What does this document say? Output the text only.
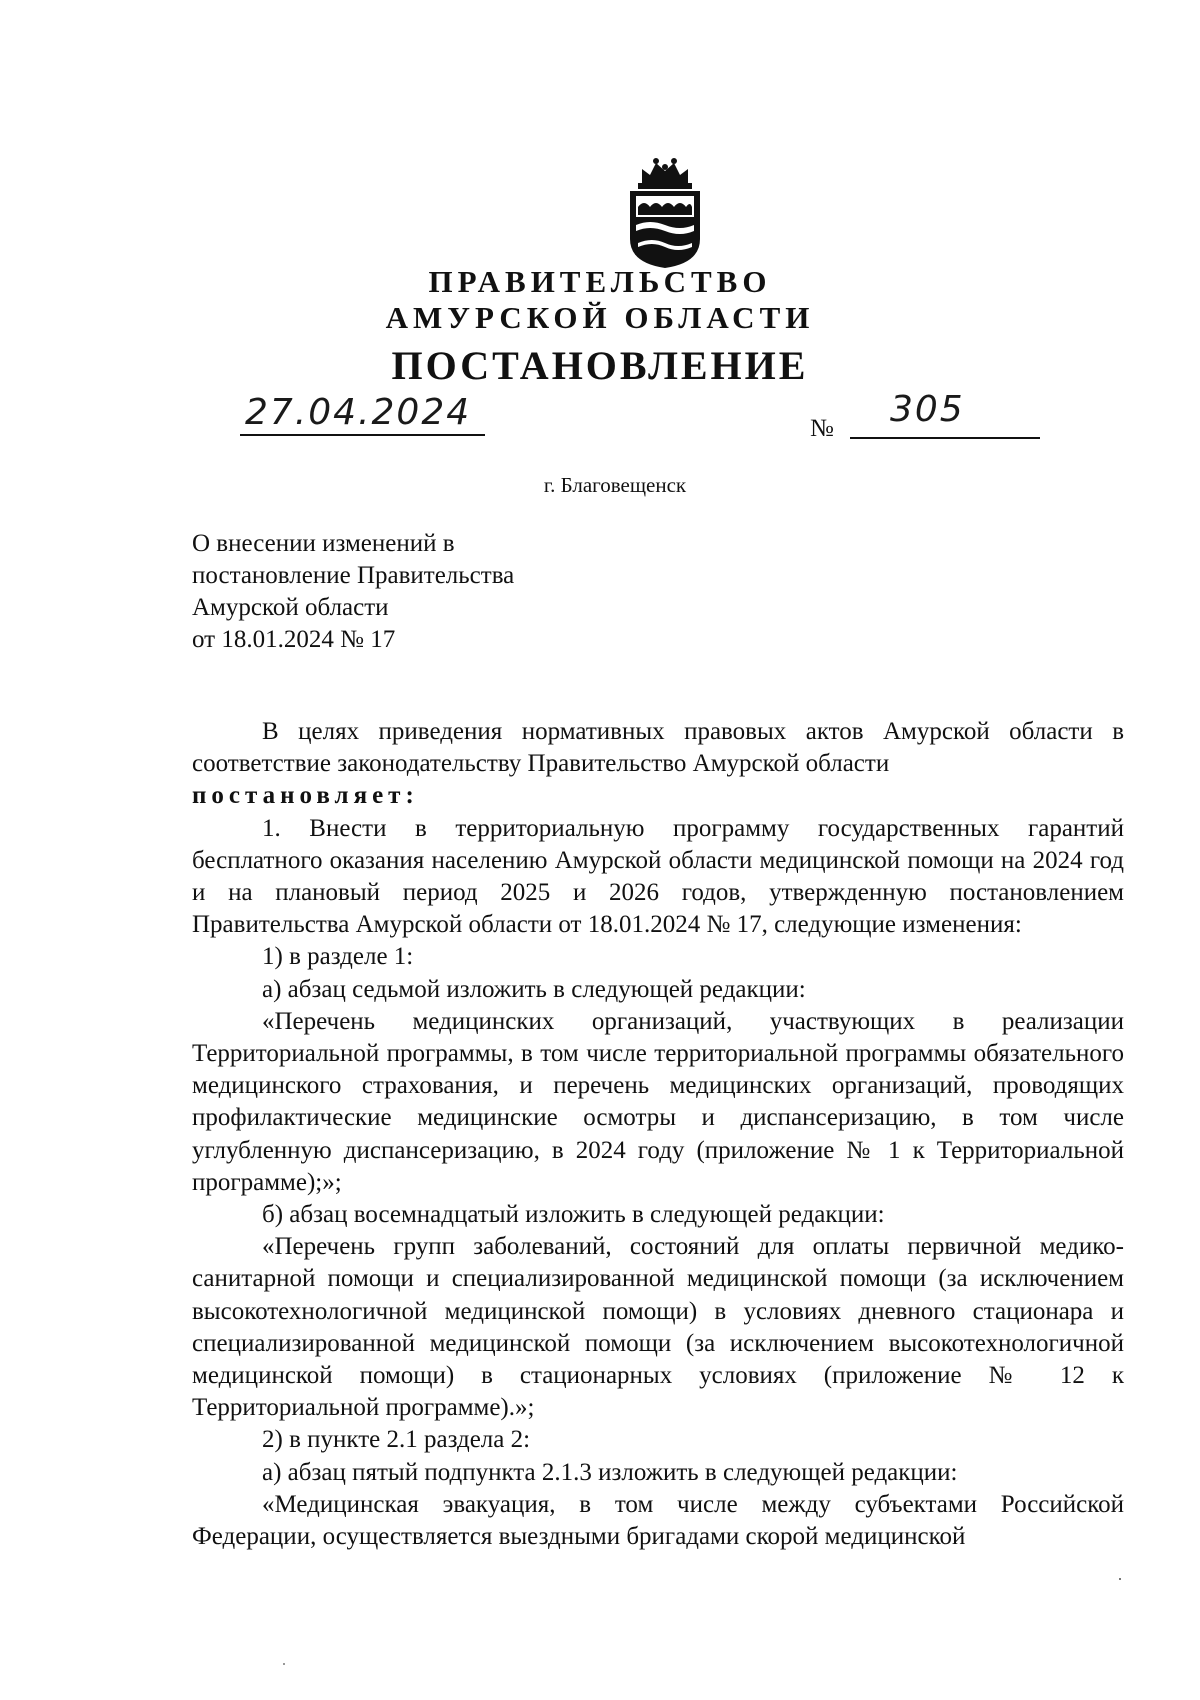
ПРАВИТЕЛЬСТВО
АМУРСКОЙ ОБЛАСТИ
ПОСТАНОВЛЕНИЕ
27.04.2024	№ 305
г. Благовещенск
О внесении изменений в
постановление Правительства
Амурской области
от 18.01.2024 № 17

В целях приведения нормативных правовых актов Амурской области в соответствие законодательству Правительство Амурской области

постановляет:

1. Внести в территориальную программу государственных гарантий бесплатного оказания населению Амурской области медицинской помощи на 2024 год и на плановый период 2025 и 2026 годов, утвержденную постановлением Правительства Амурской области от 18.01.2024 № 17, следующие изменения:

1) в разделе 1:

а) абзац седьмой изложить в следующей редакции:

«Перечень медицинских организаций, участвующих в реализации Территориальной программы, в том числе территориальной программы обязательного медицинского страхования, и перечень медицинских организаций, проводящих профилактические медицинские осмотры и диспансеризацию, в том числе углубленную диспансеризацию, в 2024 году (приложение № 1 к Территориальной программе);»;

б) абзац восемнадцатый изложить в следующей редакции:

«Перечень групп заболеваний, состояний для оплаты первичной медико-санитарной помощи и специализированной медицинской помощи (за исключением высокотехнологичной медицинской помощи) в условиях дневного стационара и специализированной медицинской помощи (за исключением высокотехнологичной медицинской помощи) в стационарных условиях (приложение № 12 к Территориальной программе).»;

2) в пункте 2.1 раздела 2:

а) абзац пятый подпункта 2.1.3 изложить в следующей редакции:

«Медицинская эвакуация, в том числе между субъектами Российской Федерации, осуществляется выездными бригадами скорой медицинской
